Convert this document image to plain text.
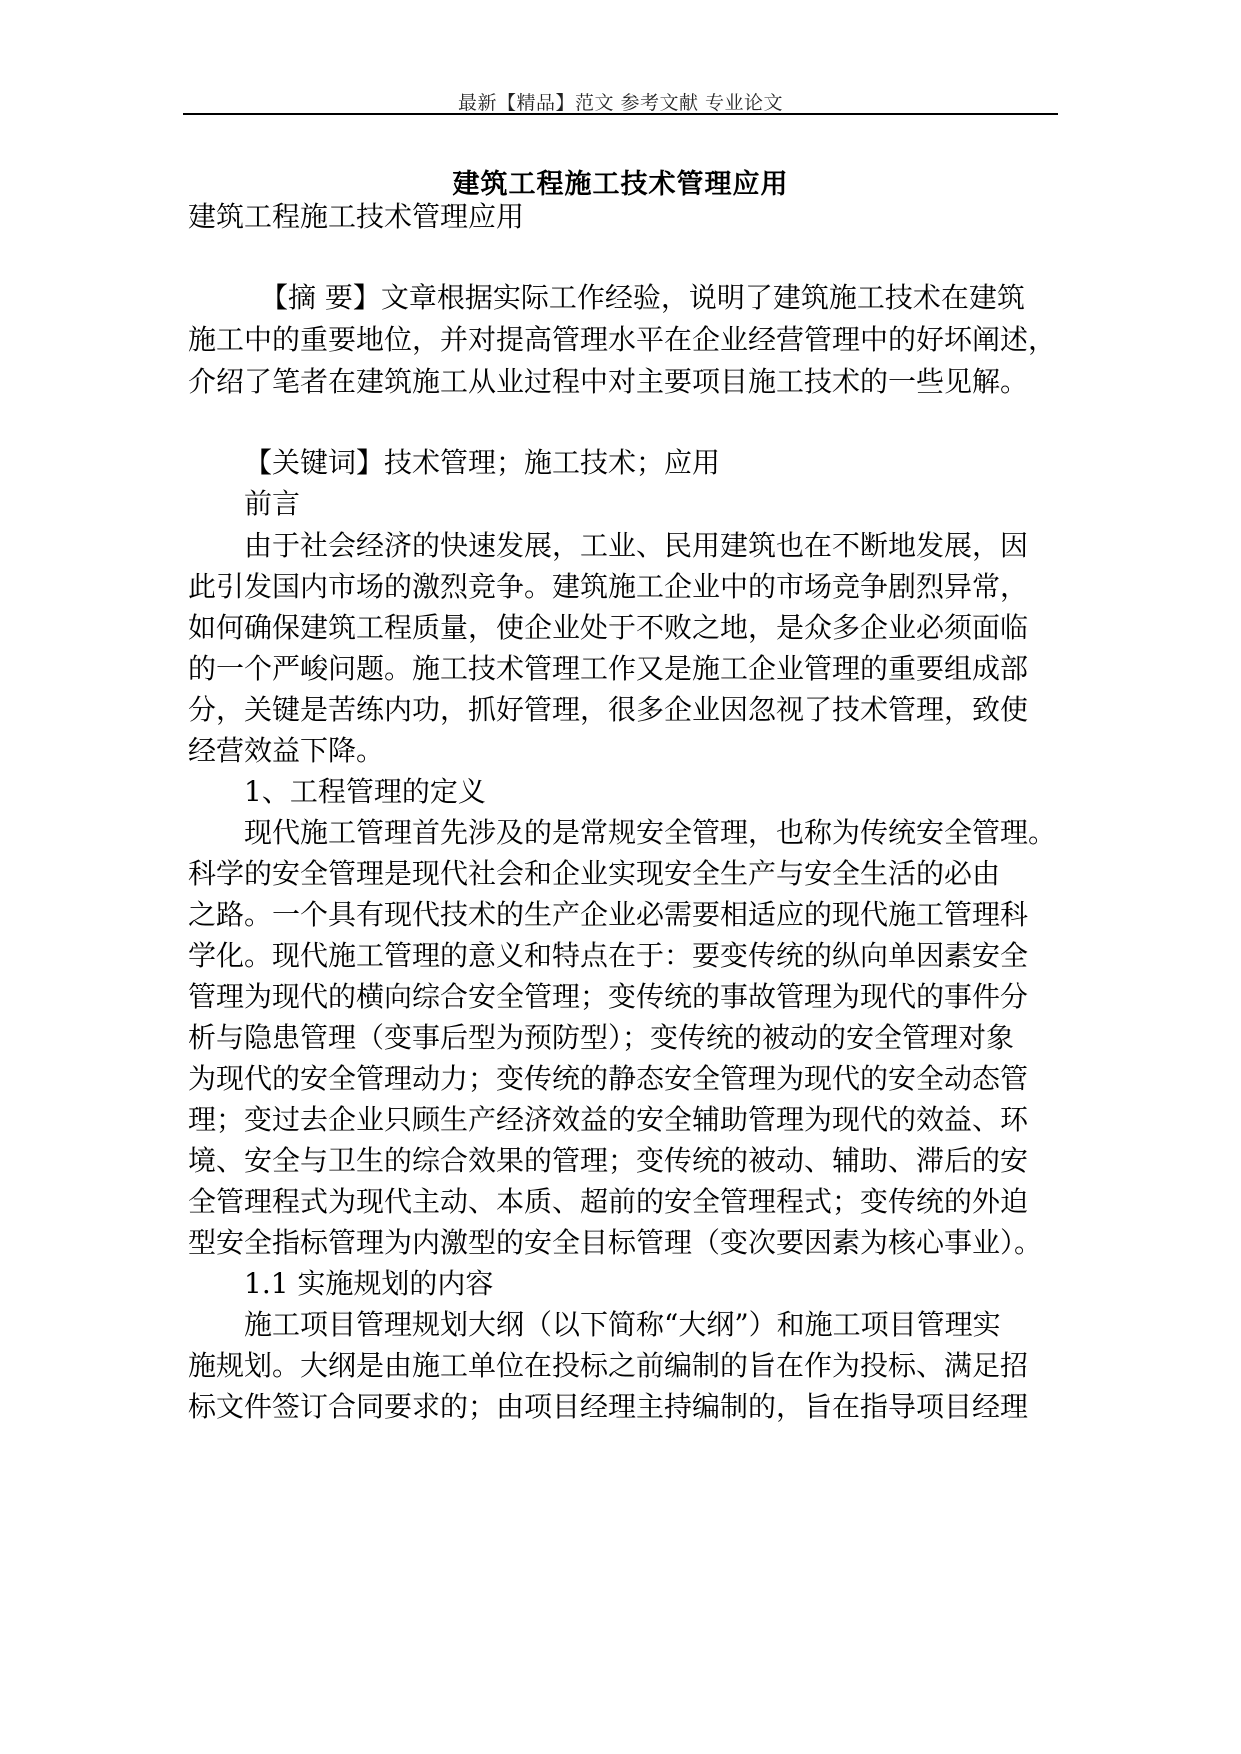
最新【精品】范文 参考文献 专业论文
建筑工程施工技术管理应用
建筑工程施工技术管理应用
【摘 要】文章根据实际工作经验，说明了建筑施工技术在建筑
施工中的重要地位，并对提高管理水平在企业经营管理中的好坏阐述，
介绍了笔者在建筑施工从业过程中对主要项目施工技术的一些见解。
【关键词】技术管理；施工技术；应用
前言
由于社会经济的快速发展，工业、民用建筑也在不断地发展，因
此引发国内市场的激烈竞争。建筑施工企业中的市场竞争剧烈异常，
如何确保建筑工程质量，使企业处于不败之地，是众多企业必须面临
的一个严峻问题。施工技术管理工作又是施工企业管理的重要组成部
分，关键是苦练内功，抓好管理，很多企业因忽视了技术管理，致使
经营效益下降。
1、工程管理的定义
现代施工管理首先涉及的是常规安全管理，也称为传统安全管理。
科学的安全管理是现代社会和企业实现安全生产与安全生活的必由
之路。一个具有现代技术的生产企业必需要相适应的现代施工管理科
学化。现代施工管理的意义和特点在于：要变传统的纵向单因素安全
管理为现代的横向综合安全管理；变传统的事故管理为现代的事件分
析与隐患管理（变事后型为预防型）；变传统的被动的安全管理对象
为现代的安全管理动力；变传统的静态安全管理为现代的安全动态管
理；变过去企业只顾生产经济效益的安全辅助管理为现代的效益、环
境、安全与卫生的综合效果的管理；变传统的被动、辅助、滞后的安
全管理程式为现代主动、本质、超前的安全管理程式；变传统的外迫
型安全指标管理为内激型的安全目标管理（变次要因素为核心事业）。
1.1 实施规划的内容
施工项目管理规划大纲（以下简称“大纲”）和施工项目管理实
施规划。大纲是由施工单位在投标之前编制的旨在作为投标、满足招
标文件签订合同要求的；由项目经理主持编制的，旨在指导项目经理
